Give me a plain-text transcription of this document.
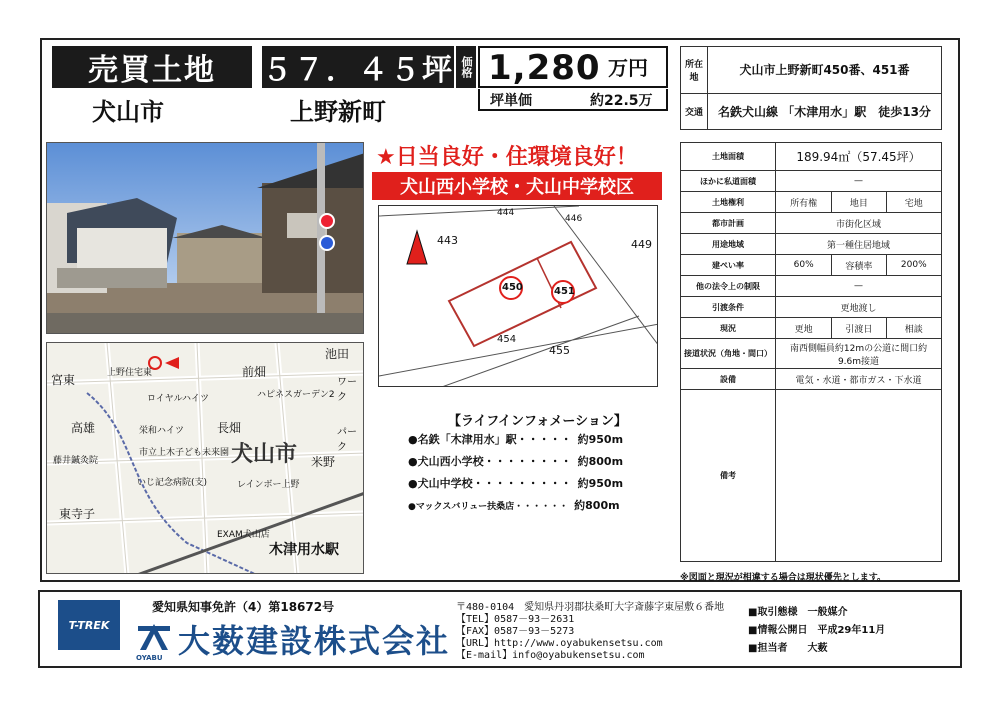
売買土地	５７．４５坪 価格 1,280 万円
犬山市	上野新町	坪単価	約22.5万
所在地	犬山市上野新町450番、451番
交通	名鉄犬山線 「木津用水」駅　徒歩13分
前畑
池田
宮東	上野住宅東
ハピネスガーデン2
ワーク
ロイヤルハイツ
長畑
高雄	栄和ハイツ
市立上木子ども未来園 犬山市
パーク
藤井鍼灸院	米野
いじ記念病院(支)	レインボー上野
東寺子
EXAM犬山店
木津用水駅
★日当良好・住環境良好！
犬山西小学校・犬山中学校区
443
444
446
449
450	451
454
455
【ライフインフォメーション】
●名鉄「木津用水」駅・・・・・ 約950m
●犬山西小学校・・・・・・・・ 約800m
●犬山中学校・・・・・・・・・ 約950m
●マックスバリュー扶桑店・・・・・・ 約800m
土地面積	189.94㎡（57.45坪）		
ほかに私道面積	—		
土地権利	所有権	地目	宅地
都市計画	市街化区域		
用途地域	第一種住居地域		
建ぺい率	60%	容積率	200%
他の法令上の制限	—		
引渡条件	更地渡し		
現況	更地	引渡日	相談
接道状況（角地・間口）	南西側幅員約12mの公道に間口約9.6m接道		
設備	電気・水道・都市ガス・下水道		
備考			
※図面と現況が相違する場合は現状優先とします。
T-TREK
愛知県知事免許（4）第18672号
OYABU 大薮建設株式会社
〒480-0104　愛知県丹羽郡扶桑町大字斎藤字東屋敷６番地
【TEL】0587－93－2631
【FAX】0587－93－5273
【URL】http://www.oyabukensetsu.com
【E-mail】info@oyabukensetsu.com
■取引態様　 一般媒介
■情報公開日　 平成29年11月
■担当者　　 大薮
